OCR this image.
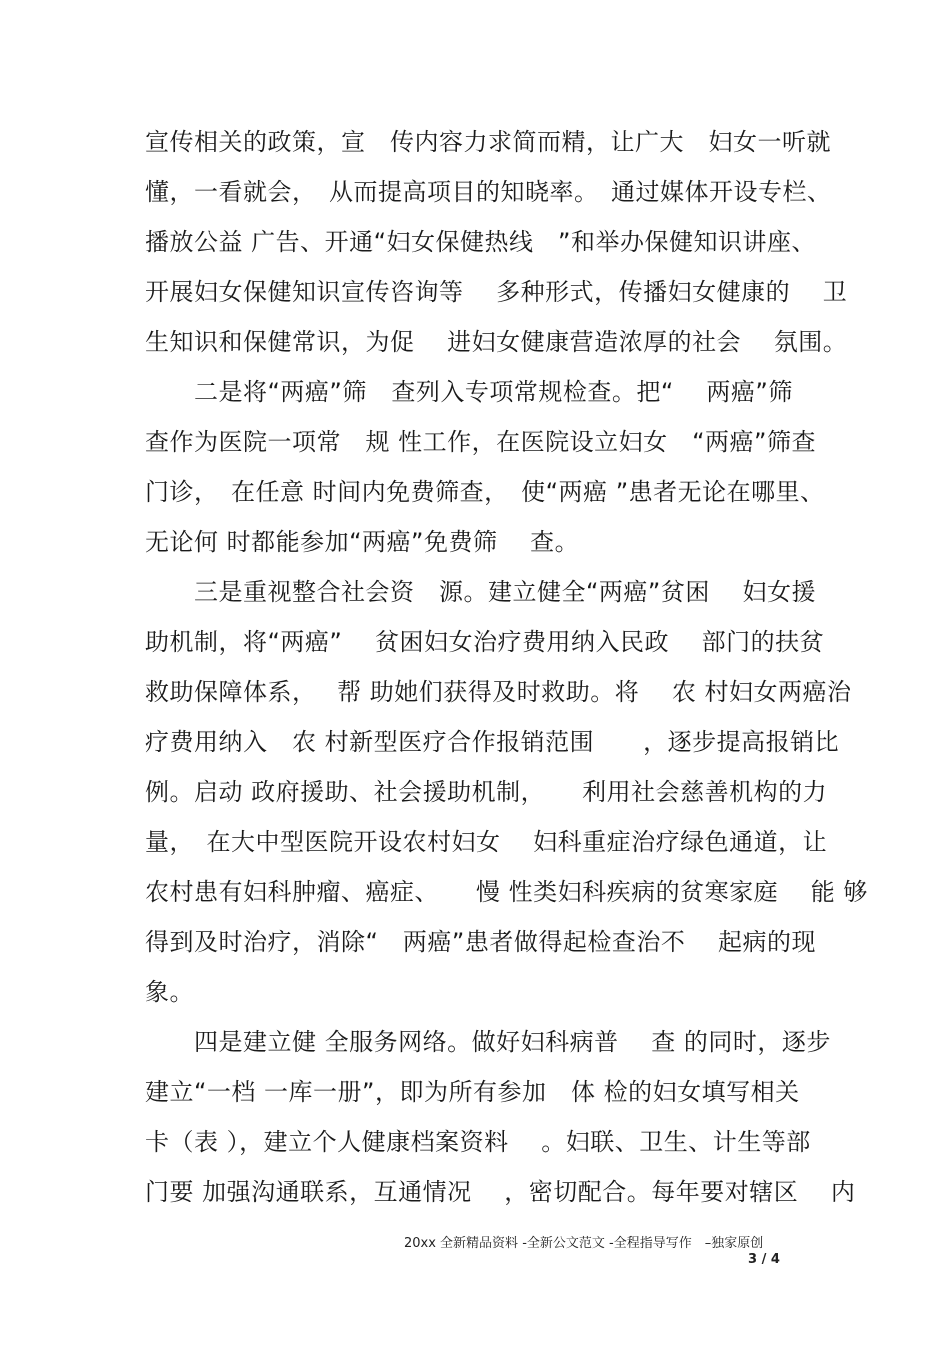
宣传相关的政策，宣　传内容力求简而精，让广大　妇女一听就
懂，一看就会，　从而提高项目的知晓率。　通过媒体开设专栏、
播放公益 广告、开通“妇女保健热线　”和举办保健知识讲座、
开展妇女保健知识宣传咨询等　 多种形式，传播妇女健康的　 卫
生知识和保健常识，为促　 进妇女健康营造浓厚的社会　 氛围。
　　二是将“两癌”筛　查列入专项常规检查。把“　 两癌”筛
查作为医院一项常　规 性工作，在医院设立妇女　“两癌”筛查
门诊，　在任意 时间内免费筛查，　使“两癌 ”患者无论在哪里、
无论何 时都能参加“两癌”免费筛　 查。
　　三是重视整合社会资　源。建立健全“两癌”贫困　 妇女援
助机制，将“两癌”　 贫困妇女治疗费用纳入民政　 部门的扶贫
救助保障体系，　 帮 助她们获得及时救助。将　 农 村妇女两癌治
疗费用纳入　农 村新型医疗合作报销范围　　，逐步提高报销比
例。启动 政府援助、社会援助机制，　　利用社会慈善机构的力
量，　在大中型医院开设农村妇女　 妇科重症治疗绿色通道，让
农村患有妇科肿瘤、癌症、　　慢 性类妇科疾病的贫寒家庭　 能 够
得到及时治疗，消除“　两癌”患者做得起检查治不　 起病的现
象。
　　四是建立健 全服务网络。做好妇科病普　 查 的同时，逐步
建立“一档 一库一册”，即为所有参加　体 检的妇女填写相关
卡（表 ），建立个人健康档案资料　 。妇联、卫生、计生等部
门要 加强沟通联系，互通情况　 ，密切配合。每年要对辖区　 内
20xx 全新精品资料 -全新公文范文 -全程指导写作　–独家原创
3 / 4
